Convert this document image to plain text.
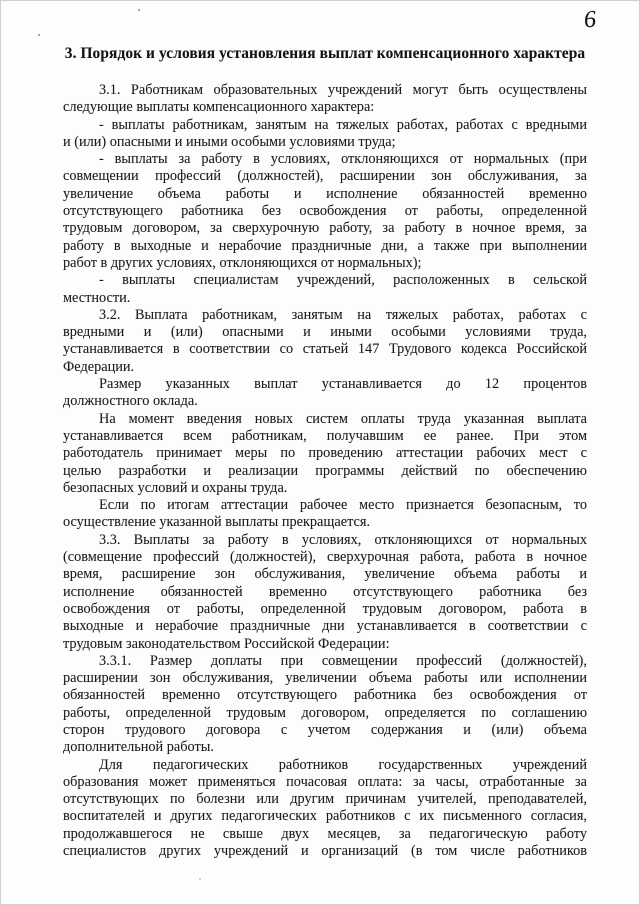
6
3. Порядок и условия установления выплат компенсационного характера
3.1. Работникам образовательных учреждений могут быть осуществлены
следующие выплаты компенсационного характера:
- выплаты работникам, занятым на тяжелых работах, работах с вредными
и (или) опасными и иными особыми условиями труда;
- выплаты за работу в условиях, отклоняющихся от нормальных (при
совмещении профессий (должностей), расширении зон обслуживания, за
увеличение объема работы и исполнение обязанностей временно
отсутствующего работника без освобождения от работы, определенной
трудовым договором, за сверхурочную работу, за работу в ночное время, за
работу в выходные и нерабочие праздничные дни, а также при выполнении
работ в других условиях, отклоняющихся от нормальных);
- выплаты специалистам учреждений, расположенных в сельской
местности.
3.2. Выплата работникам, занятым на тяжелых работах, работах с
вредными и (или) опасными и иными особыми условиями труда,
устанавливается в соответствии со статьей 147 Трудового кодекса Российской
Федерации.
Размер указанных выплат устанавливается до 12 процентов
должностного оклада.
На момент введения новых систем оплаты труда указанная выплата
устанавливается всем работникам, получавшим ее ранее. При этом
работодатель принимает меры по проведению аттестации рабочих мест с
целью разработки и реализации программы действий по обеспечению
безопасных условий и охраны труда.
Если по итогам аттестации рабочее место признается безопасным, то
осуществление указанной выплаты прекращается.
3.3. Выплаты за работу в условиях, отклоняющихся от нормальных
(совмещение профессий (должностей), сверхурочная работа, работа в ночное
время, расширение зон обслуживания, увеличение объема работы и
исполнение обязанностей временно отсутствующего работника без
освобождения от работы, определенной трудовым договором, работа в
выходные и нерабочие праздничные дни устанавливается в соответствии с
трудовым законодательством Российской Федерации:
3.3.1. Размер доплаты при совмещении профессий (должностей),
расширении зон обслуживания, увеличении объема работы или исполнении
обязанностей временно отсутствующего работника без освобождения от
работы, определенной трудовым договором, определяется по соглашению
сторон трудового договора с учетом содержания и (или) объема
дополнительной работы.
Для педагогических работников государственных учреждений
образования может применяться почасовая оплата: за часы, отработанные за
отсутствующих по болезни или другим причинам учителей, преподавателей,
воспитателей и других педагогических работников с их письменного согласия,
продолжавшегося не свыше двух месяцев, за педагогическую работу
специалистов других учреждений и организаций (в том числе работников
